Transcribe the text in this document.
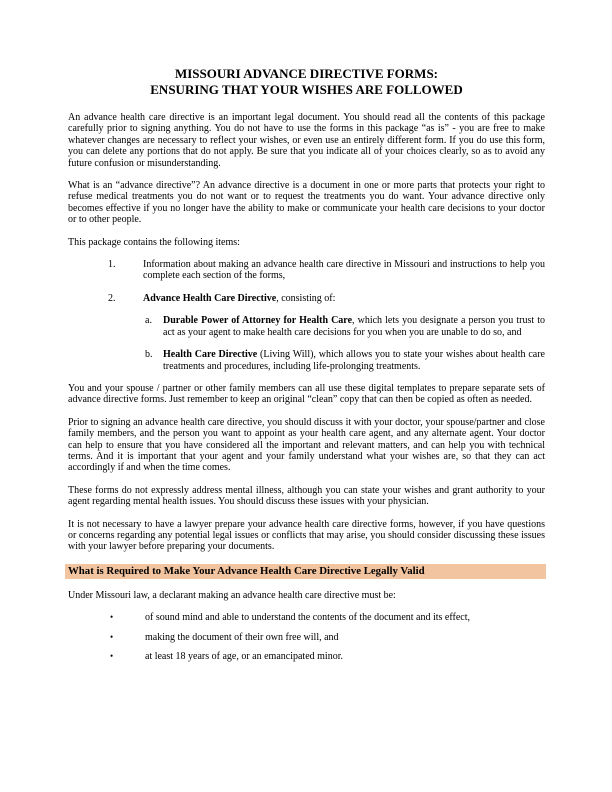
MISSOURI ADVANCE DIRECTIVE FORMS:
ENSURING THAT YOUR WISHES ARE FOLLOWED

An advance health care directive is an important legal document. You should read all the contents of this package carefully prior to signing anything. You do not have to use the forms in this package “as is” - you are free to make whatever changes are necessary to reflect your wishes, or even use an entirely different form. If you do use this form, you can delete any portions that do not apply. Be sure that you indicate all of your choices clearly, so as to avoid any future confusion or misunderstanding.

What is an “advance directive”? An advance directive is a document in one or more parts that protects your right to refuse medical treatments you do not want or to request the treatments you do want. Your advance directive only becomes effective if you no longer have the ability to make or communicate your health care decisions to your doctor or to other people.

This package contains the following items:

1.	Information about making an advance health care directive in Missouri and instructions to help you complete each section of the forms,
2.	Advance Health Care Directive, consisting of:
a.	Durable Power of Attorney for Health Care, which lets you designate a person you trust to act as your agent to make health care decisions for you when you are unable to do so, and
b.	Health Care Directive (Living Will), which allows you to state your wishes about health care treatments and procedures, including life-prolonging treatments.

You and your spouse / partner or other family members can all use these digital templates to prepare separate sets of advance directive forms. Just remember to keep an original “clean” copy that can then be copied as often as needed.

Prior to signing an advance health care directive, you should discuss it with your doctor, your spouse/partner and close family members, and the person you want to appoint as your health care agent, and any alternate agent. Your doctor can help to ensure that you have considered all the important and relevant matters, and can help you with technical terms. And it is important that your agent and your family understand what your wishes are, so that they can act accordingly if and when the time comes.

These forms do not expressly address mental illness, although you can state your wishes and grant authority to your agent regarding mental health issues. You should discuss these issues with your physician.

It is not necessary to have a lawyer prepare your advance health care directive forms, however, if you have questions or concerns regarding any potential legal issues or conflicts that may arise, you should consider discussing these issues with your lawyer before preparing your documents.

What is Required to Make Your Advance Health Care Directive Legally Valid

Under Missouri law, a declarant making an advance health care directive must be:

•	of sound mind and able to understand the contents of the document and its effect,
•	making the document of their own free will, and
•	at least 18 years of age, or an emancipated minor.
